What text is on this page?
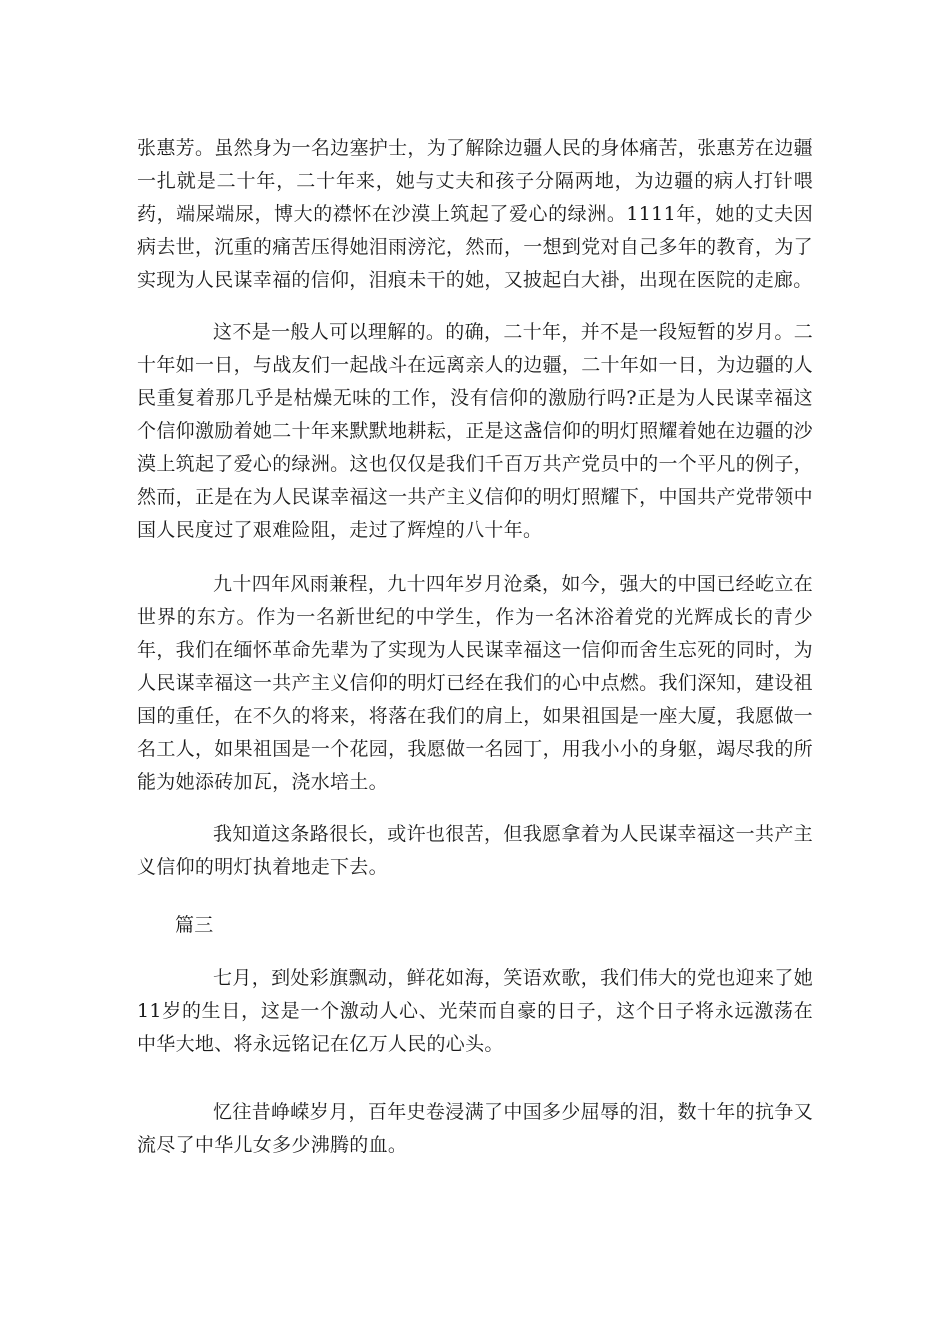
张惠芳。虽然身为一名边塞护士，为了解除边疆人民的身体痛苦，张惠芳在边疆一扎就是二十年，二十年来，她与丈夫和孩子分隔两地，为边疆的病人打针喂药，端屎端尿，博大的襟怀在沙漠上筑起了爱心的绿洲。1111年，她的丈夫因病去世，沉重的痛苦压得她泪雨滂沱，然而，一想到党对自己多年的教育，为了实现为人民谋幸福的信仰，泪痕未干的她，又披起白大褂，出现在医院的走廊。

这不是一般人可以理解的。的确，二十年，并不是一段短暂的岁月。二十年如一日，与战友们一起战斗在远离亲人的边疆，二十年如一日，为边疆的人民重复着那几乎是枯燥无味的工作，没有信仰的激励行吗?正是为人民谋幸福这个信仰激励着她二十年来默默地耕耘，正是这盏信仰的明灯照耀着她在边疆的沙漠上筑起了爱心的绿洲。这也仅仅是我们千百万共产党员中的一个平凡的例子，然而，正是在为人民谋幸福这一共产主义信仰的明灯照耀下，中国共产党带领中国人民度过了艰难险阻，走过了辉煌的八十年。

九十四年风雨兼程，九十四年岁月沧桑，如今，强大的中国已经屹立在世界的东方。作为一名新世纪的中学生，作为一名沐浴着党的光辉成长的青少年，我们在缅怀革命先辈为了实现为人民谋幸福这一信仰而舍生忘死的同时，为人民谋幸福这一共产主义信仰的明灯已经在我们的心中点燃。我们深知，建设祖国的重任，在不久的将来，将落在我们的肩上，如果祖国是一座大厦，我愿做一名工人，如果祖国是一个花园，我愿做一名园丁，用我小小的身躯，竭尽我的所能为她添砖加瓦，浇水培土。

我知道这条路很长，或许也很苦，但我愿拿着为人民谋幸福这一共产主义信仰的明灯执着地走下去。

篇三

七月，到处彩旗飘动，鲜花如海，笑语欢歌，我们伟大的党也迎来了她11岁的生日，这是一个激动人心、光荣而自豪的日子，这个日子将永远激荡在中华大地、将永远铭记在亿万人民的心头。

忆往昔峥嵘岁月，百年史卷浸满了中国多少屈辱的泪，数十年的抗争又流尽了中华儿女多少沸腾的血。
